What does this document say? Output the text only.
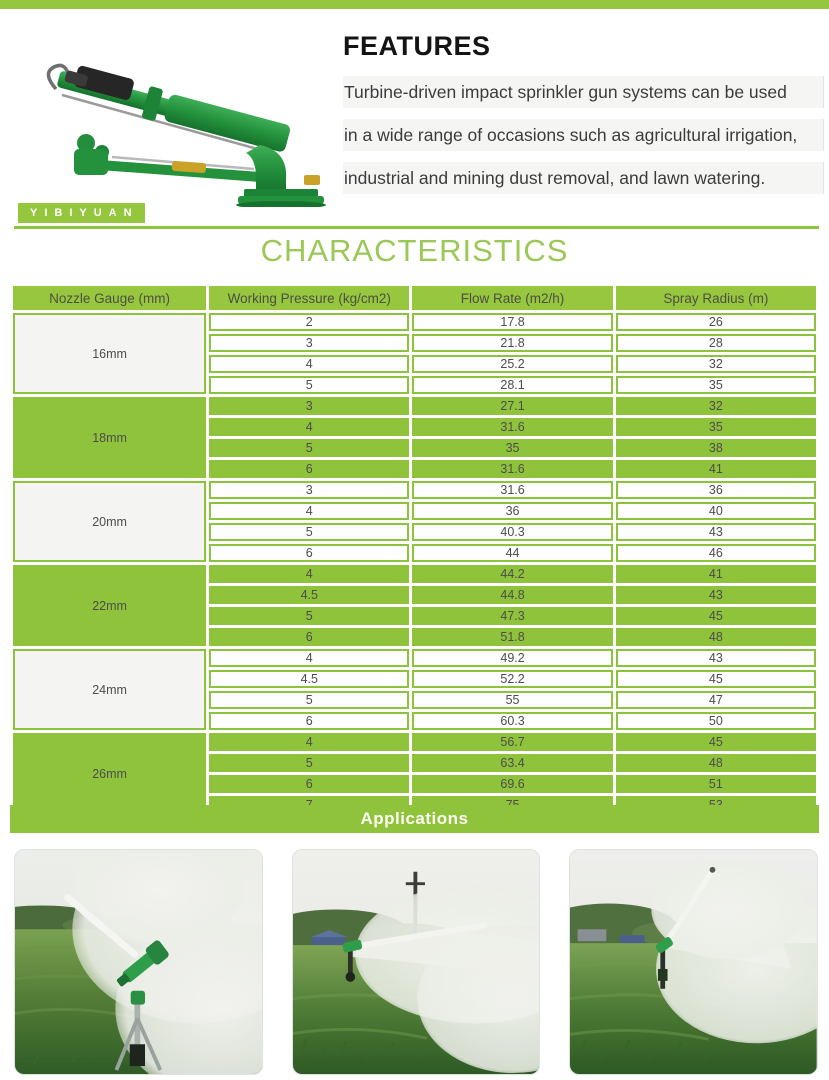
FEATURES
Turbine-driven impact sprinkler gun systems can be used
in a wide range of occasions such as agricultural irrigation,
industrial and mining dust removal, and lawn watering.
YIBIYUAN
CHARACTERISTICS
Nozzle Gauge (mm)	Working Pressure (kg/cm2)	Flow Rate (m2/h)	Spray Radius (m)
16mm	2	17.8	26
	3	21.8	28
	4	25.2	32
	5	28.1	35
18mm	3	27.1	32
	4	31.6	35
	5	35	38
	6	31.6	41
20mm	3	31.6	36
	4	36	40
	5	40.3	43
	6	44	46
22mm	4	44.2	41
	4.5	44.8	43
	5	47.3	45
	6	51.8	48
24mm	4	49.2	43
	4.5	52.2	45
	5	55	47
	6	60.3	50
26mm	4	56.7	45
	5	63.4	48
	6	69.6	51

Applications
